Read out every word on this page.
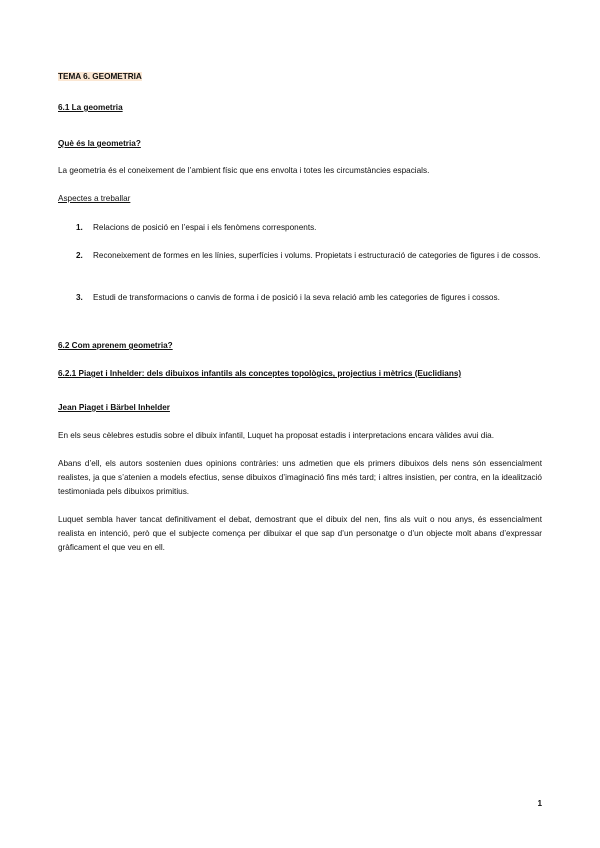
TEMA 6. GEOMETRIA
6.1 La geometria
Què és la geometria?
La geometria és el coneixement de l’ambient físic que ens envolta i totes les circumstàncies espacials.
Aspectes a treballar
1. Relacions de posició en l’espai i els fenòmens corresponents.
2. Reconeixement de formes en les línies, superfícies i volums. Propietats i estructuració de categories de figures i de cossos.
3. Estudi de transformacions o canvis de forma i de posició i la seva relació amb les categories de figures i cossos.
6.2 Com aprenem geometria?
6.2.1 Piaget i Inhelder: dels dibuixos infantils als conceptes topològics, projectius i mètrics (Euclidians)
Jean Piaget i Bärbel Inhelder
En els seus cèlebres estudis sobre el dibuix infantil, Luquet ha proposat estadis i interpretacions encara vàlides avui dia.
Abans d’ell, els autors sostenien dues opinions contràries: uns admetien que els primers dibuixos dels nens són essencialment realistes, ja que s’atenien a models efectius, sense dibuixos d’imaginació fins més tard; i altres insistien, per contra, en la idealització testimoniada pels dibuixos primitius.
Luquet sembla haver tancat definitivament el debat, demostrant que el dibuix del nen, fins als vuit o nou anys, és essencialment realista en intenció, però que el subjecte comença per dibuixar el que sap d’un personatge o d’un objecte molt abans d’expressar gràficament el que veu en ell.
1
